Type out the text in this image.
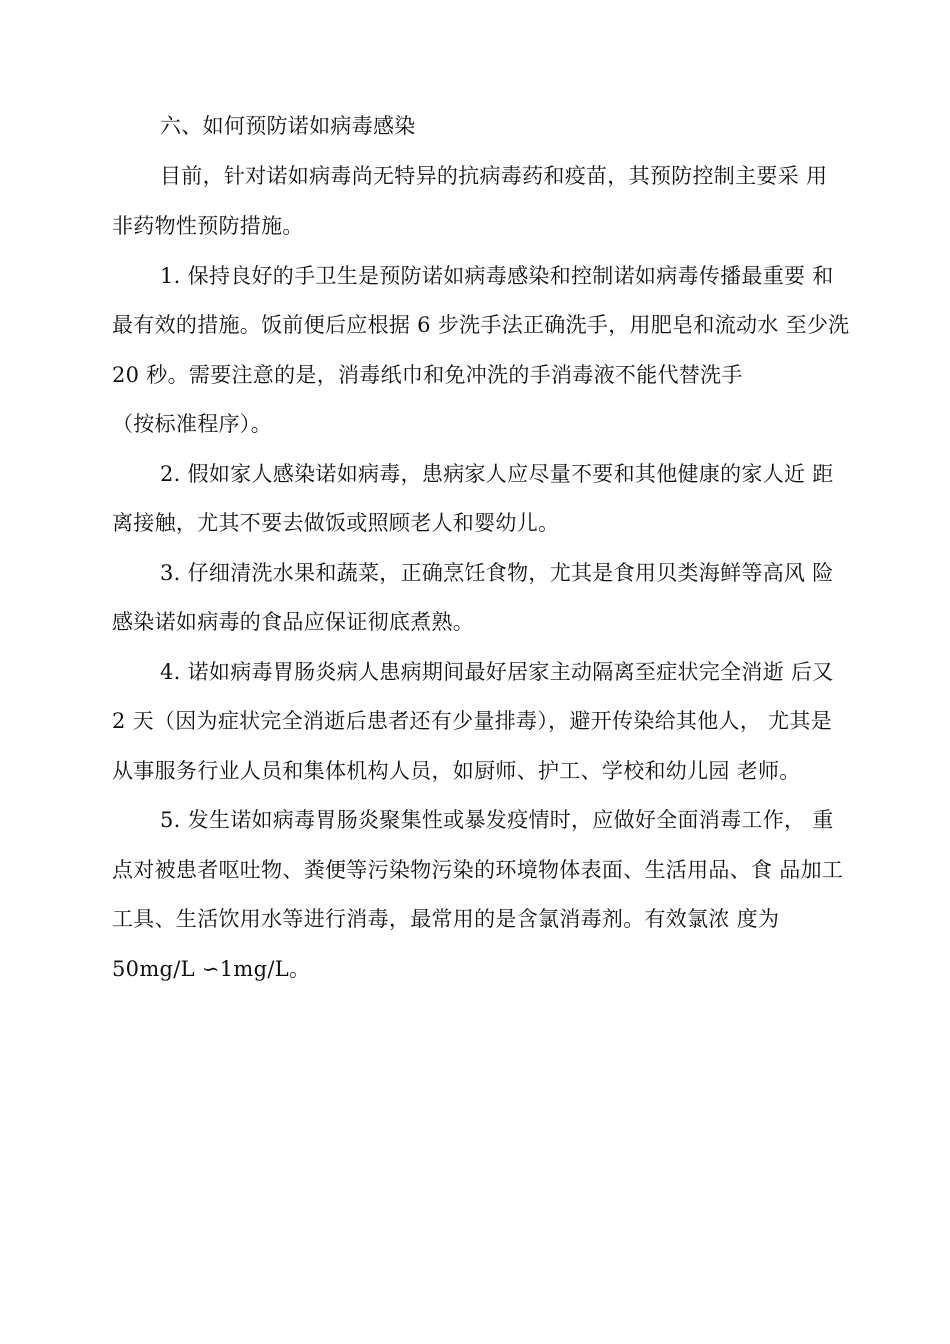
六、如何预防诺如病毒感染
目前，针对诺如病毒尚无特异的抗病毒药和疫苗，其预防控制主要采 用
非药物性预防措施。
1. 保持良好的手卫生是预防诺如病毒感染和控制诺如病毒传播最重要 和
最有效的措施。饭前便后应根据 6 步洗手法正确洗手，用肥皂和流动水 至少洗
20 秒。需要注意的是，消毒纸巾和免冲洗的手消毒液不能代替洗手
（按标准程序）。
2. 假如家人感染诺如病毒，患病家人应尽量不要和其他健康的家人近 距
离接触，尤其不要去做饭或照顾老人和婴幼儿。
3. 仔细清洗水果和蔬菜，正确烹饪食物，尤其是食用贝类海鲜等高风 险
感染诺如病毒的食品应保证彻底煮熟。
4. 诺如病毒胃肠炎病人患病期间最好居家主动隔离至症状完全消逝 后又
2 天（因为症状完全消逝后患者还有少量排毒），避开传染给其他人， 尤其是
从事服务行业人员和集体机构人员，如厨师、护工、学校和幼儿园 老师。
5. 发生诺如病毒胃肠炎聚集性或暴发疫情时，应做好全面消毒工作， 重
点对被患者呕吐物、粪便等污染物污染的环境物体表面、生活用品、食 品加工
工具、生活饮用水等进行消毒，最常用的是含氯消毒剂。有效氯浓 度为
50mg/L ∽1mg/L。
